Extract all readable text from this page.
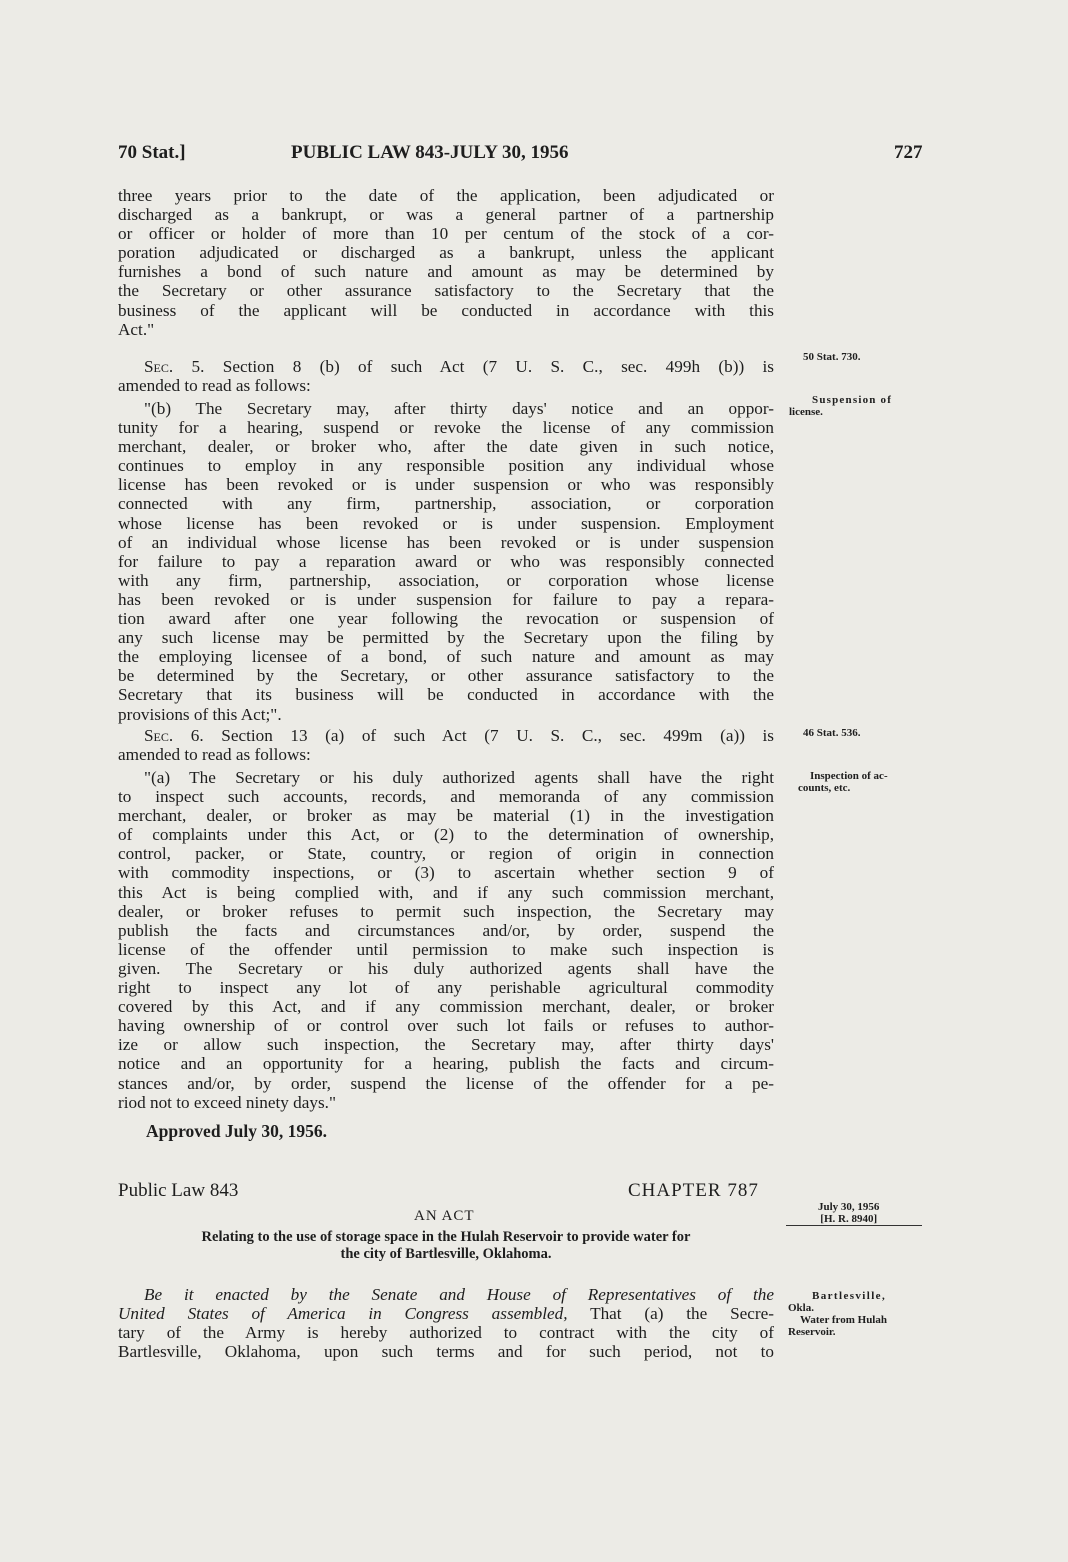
70 Stat.]	PUBLIC LAW 843-JULY 30, 1956	727

three years prior to the date of the application, been adjudicated or
discharged as a bankrupt, or was a general partner of a partnership
or officer or holder of more than 10 per centum of the stock of a cor-
poration adjudicated or discharged as a bankrupt, unless the applicant
furnishes a bond of such nature and amount as may be determined by
the Secretary or other assurance satisfactory to the Secretary that the
business of the applicant will be conducted in accordance with this
Act."
Sec. 5. Section 8 (b) of such Act (7 U. S. C., sec. 499h (b)) is
amended to read as follows:
"(b) The Secretary may, after thirty days' notice and an oppor-
tunity for a hearing, suspend or revoke the license of any commission
merchant, dealer, or broker who, after the date given in such notice,
continues to employ in any responsible position any individual whose
license has been revoked or is under suspension or who was responsibly
connected with any firm, partnership, association, or corporation
whose license has been revoked or is under suspension. Employment
of an individual whose license has been revoked or is under suspension
for failure to pay a reparation award or who was responsibly connected
with any firm, partnership, association, or corporation whose license
has been revoked or is under suspension for failure to pay a repara-
tion award after one year following the revocation or suspension of
any such license may be permitted by the Secretary upon the filing by
the employing licensee of a bond, of such nature and amount as may
be determined by the Secretary, or other assurance satisfactory to the
Secretary that its business will be conducted in accordance with the
provisions of this Act;".
Sec. 6. Section 13 (a) of such Act (7 U. S. C., sec. 499m (a)) is
amended to read as follows:
"(a) The Secretary or his duly authorized agents shall have the right
to inspect such accounts, records, and memoranda of any commission
merchant, dealer, or broker as may be material (1) in the investigation
of complaints under this Act, or (2) to the determination of ownership,
control, packer, or State, country, or region of origin in connection
with commodity inspections, or (3) to ascertain whether section 9 of
this Act is being complied with, and if any such commission merchant,
dealer, or broker refuses to permit such inspection, the Secretary may
publish the facts and circumstances and/or, by order, suspend the
license of the offender until permission to make such inspection is
given. The Secretary or his duly authorized agents shall have the
right to inspect any lot of any perishable agricultural commodity
covered by this Act, and if any commission merchant, dealer, or broker
having ownership of or control over such lot fails or refuses to author-
ize or allow such inspection, the Secretary may, after thirty days'
notice and an opportunity for a hearing, publish the facts and circum-
stances and/or, by order, suspend the license of the offender for a pe-
riod not to exceed ninety days."

Approved July 30, 1956.

Public Law 843	CHAPTER 787

AN ACT

Relating to the use of storage space in the Hulah Reservoir to provide water for
the city of Bartlesville, Oklahoma.
Be it enacted by the Senate and House of Representatives of the
United States of America in Congress assembled, That (a) the Secre-
tary of the Army is hereby authorized to contract with the city of
Bartlesville, Oklahoma, upon such terms and for such period, not to

50 Stat. 730.

Suspension of
license.

46 Stat. 536.

Inspection of ac-
counts, etc.
July 30, 1956
[H. R. 8940]
Bartlesville,
Okla.
Water from Hulah
Reservoir.
